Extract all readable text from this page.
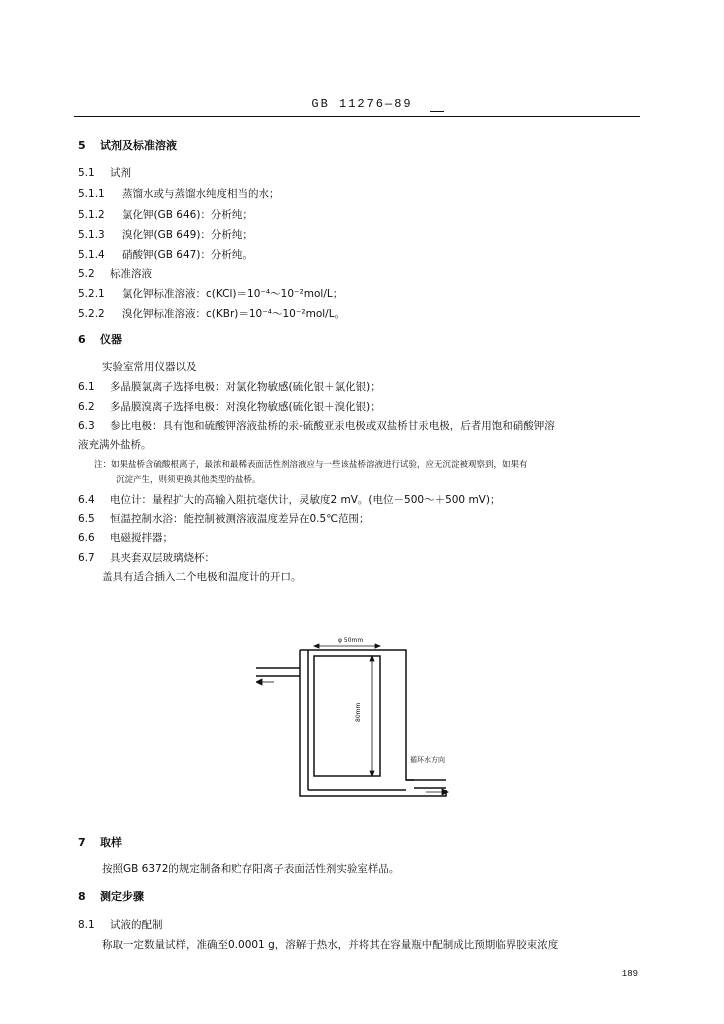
GB 11276—89
5 试剂及标准溶液
5.1 试剂
5.1.1 蒸馏水或与蒸馏水纯度相当的水；
5.1.2 氯化钾(GB 646)：分析纯；
5.1.3 溴化钾(GB 649)：分析纯；
5.1.4 硝酸钾(GB 647)：分析纯。
5.2 标准溶液
5.2.1 氯化钾标准溶液：c(KCl)＝10⁻⁴～10⁻²mol/L；
5.2.2 溴化钾标准溶液：c(KBr)＝10⁻⁴～10⁻²mol/L。
6 仪器
实验室常用仪器以及
6.1 多晶膜氯离子选择电极：对氯化物敏感(硫化银＋氯化银)；
6.2 多晶膜溴离子选择电极：对溴化物敏感(硫化银＋溴化银)；
6.3 参比电极：具有饱和硫酸钾溶液盐桥的汞-硫酸亚汞电极或双盐桥甘汞电极，后者用饱和硝酸钾溶
液充满外盐桥。
注：如果盐桥含硫酸根离子，最浓和最稀表面活性剂溶液应与一些该盐桥溶液进行试验，应无沉淀被观察到，如果有
沉淀产生，则须更换其他类型的盐桥。
6.4 电位计：量程扩大的高输入阻抗毫伏计，灵敏度2 mV。(电位－500～＋500 mV)；
6.5 恒温控制水浴：能控制被测溶液温度差异在0.5℃范围；
6.6 电磁搅拌器；
6.7 具夹套双层玻璃烧杯：
盖具有适合插入二个电极和温度计的开口。
φ 50mm
80mm
循环水方向
7 取样
按照GB 6372的规定制备和贮存阳离子表面活性剂实验室样品。
8 测定步骤
8.1 试液的配制
称取一定数量试样，准确至0.0001 g，溶解于热水，并将其在容量瓶中配制成比预期临界胶束浓度
189
